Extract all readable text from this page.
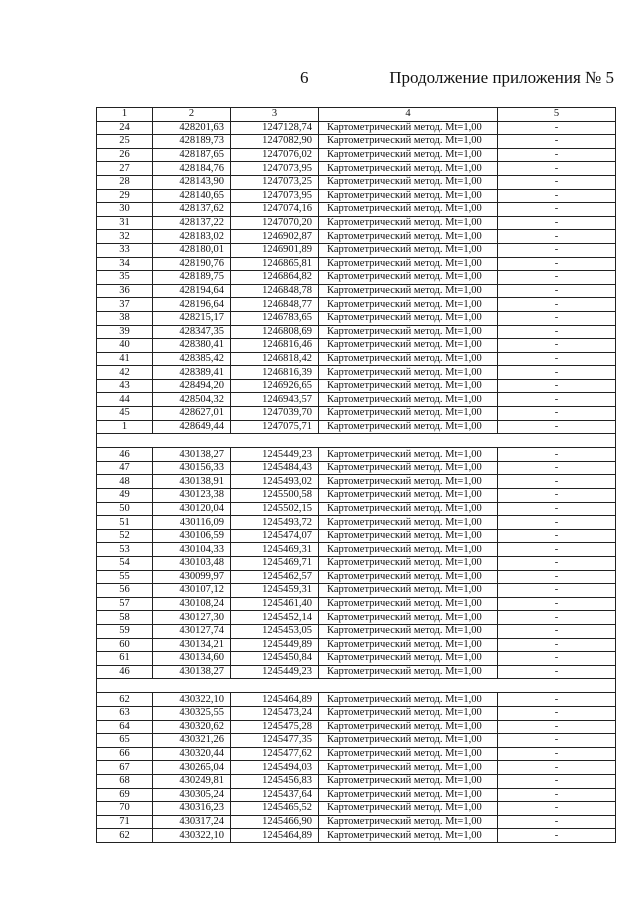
6	Продолжение приложения № 5
1	2	3	4	5
24	428201,63	1247128,74	Картометрический метод. Mt=1,00	-
25	428189,73	1247082,90	Картометрический метод. Mt=1,00	-
26	428187,65	1247076,02	Картометрический метод. Mt=1,00	-
27	428184,76	1247073,95	Картометрический метод. Mt=1,00	-
28	428143,90	1247073,25	Картометрический метод. Mt=1,00	-
29	428140,65	1247073,95	Картометрический метод. Mt=1,00	-
30	428137,62	1247074,16	Картометрический метод. Mt=1,00	-
31	428137,22	1247070,20	Картометрический метод. Mt=1,00	-
32	428183,02	1246902,87	Картометрический метод. Mt=1,00	-
33	428180,01	1246901,89	Картометрический метод. Mt=1,00	-
34	428190,76	1246865,81	Картометрический метод. Mt=1,00	-
35	428189,75	1246864,82	Картометрический метод. Mt=1,00	-
36	428194,64	1246848,78	Картометрический метод. Mt=1,00	-
37	428196,64	1246848,77	Картометрический метод. Mt=1,00	-
38	428215,17	1246783,65	Картометрический метод. Mt=1,00	-
39	428347,35	1246808,69	Картометрический метод. Mt=1,00	-
40	428380,41	1246816,46	Картометрический метод. Mt=1,00	-
41	428385,42	1246818,42	Картометрический метод. Mt=1,00	-
42	428389,41	1246816,39	Картометрический метод. Mt=1,00	-
43	428494,20	1246926,65	Картометрический метод. Mt=1,00	-
44	428504,32	1246943,57	Картометрический метод. Mt=1,00	-
45	428627,01	1247039,70	Картометрический метод. Mt=1,00	-
1	428649,44	1247075,71	Картометрический метод. Mt=1,00	-

46	430138,27	1245449,23	Картометрический метод. Mt=1,00	-
47	430156,33	1245484,43	Картометрический метод. Mt=1,00	-
48	430138,91	1245493,02	Картометрический метод. Mt=1,00	-
49	430123,38	1245500,58	Картометрический метод. Mt=1,00	-
50	430120,04	1245502,15	Картометрический метод. Mt=1,00	-
51	430116,09	1245493,72	Картометрический метод. Mt=1,00	-
52	430106,59	1245474,07	Картометрический метод. Mt=1,00	-
53	430104,33	1245469,31	Картометрический метод. Mt=1,00	-
54	430103,48	1245469,71	Картометрический метод. Mt=1,00	-
55	430099,97	1245462,57	Картометрический метод. Mt=1,00	-
56	430107,12	1245459,31	Картометрический метод. Mt=1,00	-
57	430108,24	1245461,40	Картометрический метод. Mt=1,00	-
58	430127,30	1245452,14	Картометрический метод. Mt=1,00	-
59	430127,74	1245453,05	Картометрический метод. Mt=1,00	-
60	430134,21	1245449,89	Картометрический метод. Mt=1,00	-
61	430134,60	1245450,84	Картометрический метод. Mt=1,00	-
46	430138,27	1245449,23	Картометрический метод. Mt=1,00	-

62	430322,10	1245464,89	Картометрический метод. Mt=1,00	-
63	430325,55	1245473,24	Картометрический метод. Mt=1,00	-
64	430320,62	1245475,28	Картометрический метод. Mt=1,00	-
65	430321,26	1245477,35	Картометрический метод. Mt=1,00	-
66	430320,44	1245477,62	Картометрический метод. Mt=1,00	-
67	430265,04	1245494,03	Картометрический метод. Mt=1,00	-
68	430249,81	1245456,83	Картометрический метод. Mt=1,00	-
69	430305,24	1245437,64	Картометрический метод. Mt=1,00	-
70	430316,23	1245465,52	Картометрический метод. Mt=1,00	-
71	430317,24	1245466,90	Картометрический метод. Mt=1,00	-
62	430322,10	1245464,89	Картометрический метод. Mt=1,00	-
